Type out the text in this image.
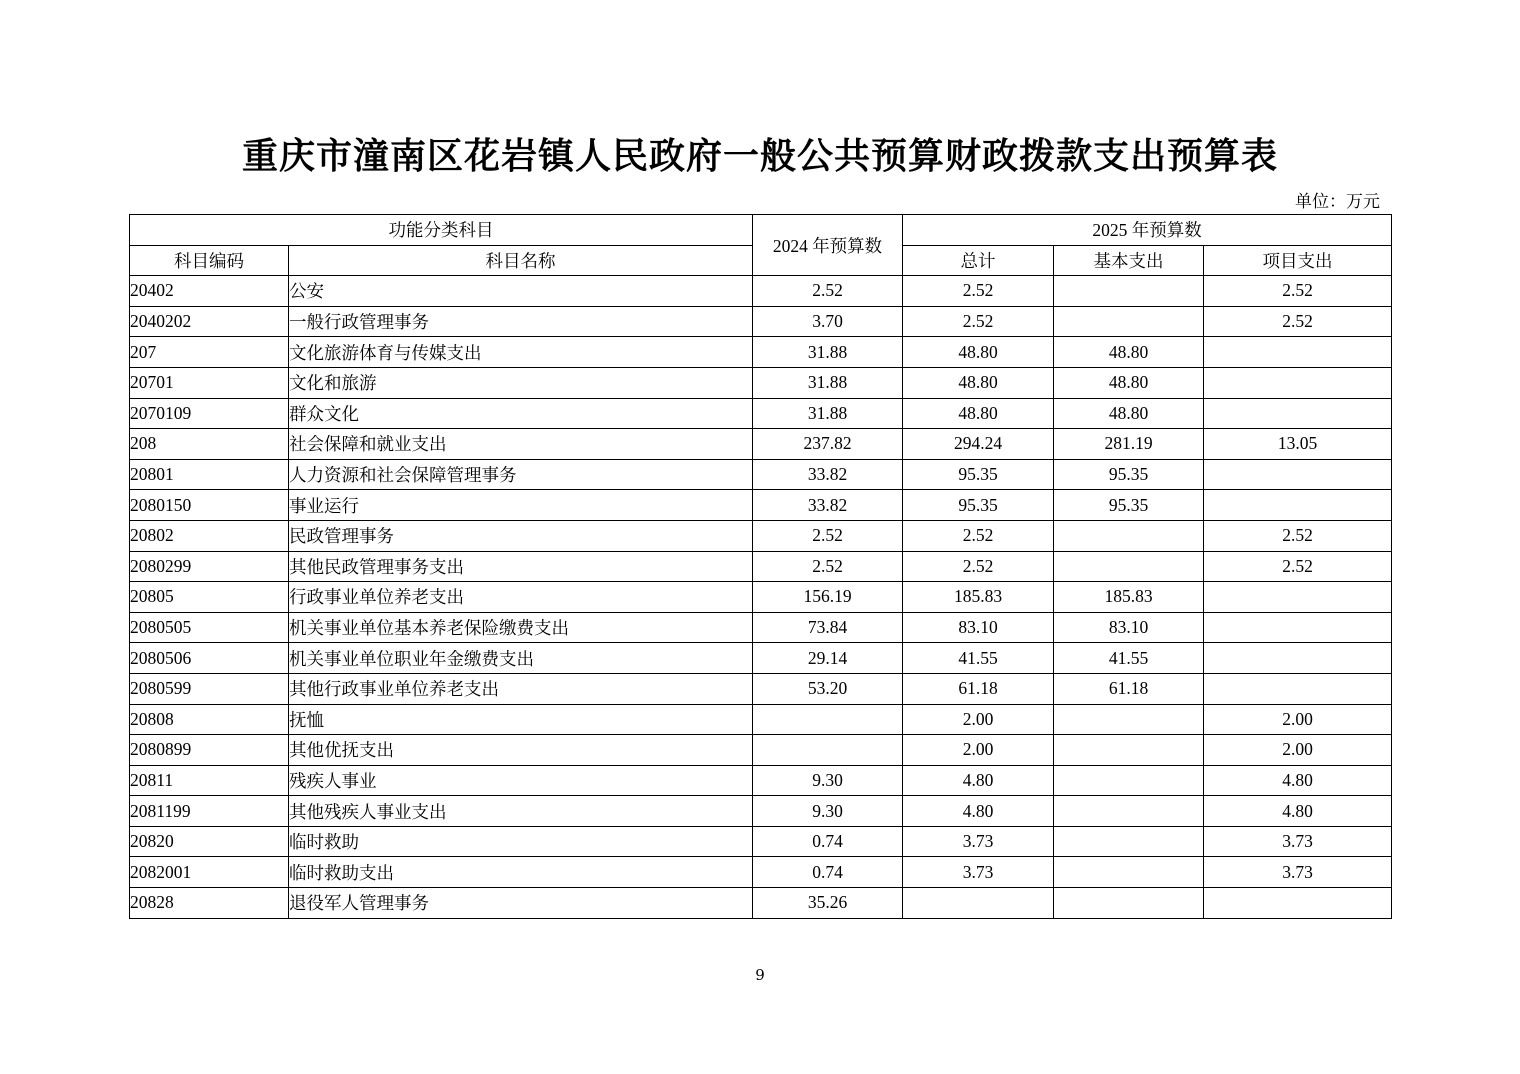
重庆市潼南区花岩镇人民政府一般公共预算财政拨款支出预算表
单位：万元
功能分类科目		2024 年预算数	2025 年预算数		
科目编码	科目名称		总计	基本支出	项目支出
20402	公安	2.52	2.52		2.52
2040202	一般行政管理事务	3.70	2.52		2.52
207	文化旅游体育与传媒支出	31.88	48.80	48.80	
20701	文化和旅游	31.88	48.80	48.80	
2070109	群众文化	31.88	48.80	48.80	
208	社会保障和就业支出	237.82	294.24	281.19	13.05
20801	人力资源和社会保障管理事务	33.82	95.35	95.35	
2080150	事业运行	33.82	95.35	95.35	
20802	民政管理事务	2.52	2.52		2.52
2080299	其他民政管理事务支出	2.52	2.52		2.52
20805	行政事业单位养老支出	156.19	185.83	185.83	
2080505	机关事业单位基本养老保险缴费支出	73.84	83.10	83.10	
2080506	机关事业单位职业年金缴费支出	29.14	41.55	41.55	
2080599	其他行政事业单位养老支出	53.20	61.18	61.18	
20808	抚恤		2.00		2.00
2080899	其他优抚支出		2.00		2.00
20811	残疾人事业	9.30	4.80		4.80
2081199	其他残疾人事业支出	9.30	4.80		4.80
20820	临时救助	0.74	3.73		3.73
2082001	临时救助支出	0.74	3.73		3.73
20828	退役军人管理事务	35.26			
9
